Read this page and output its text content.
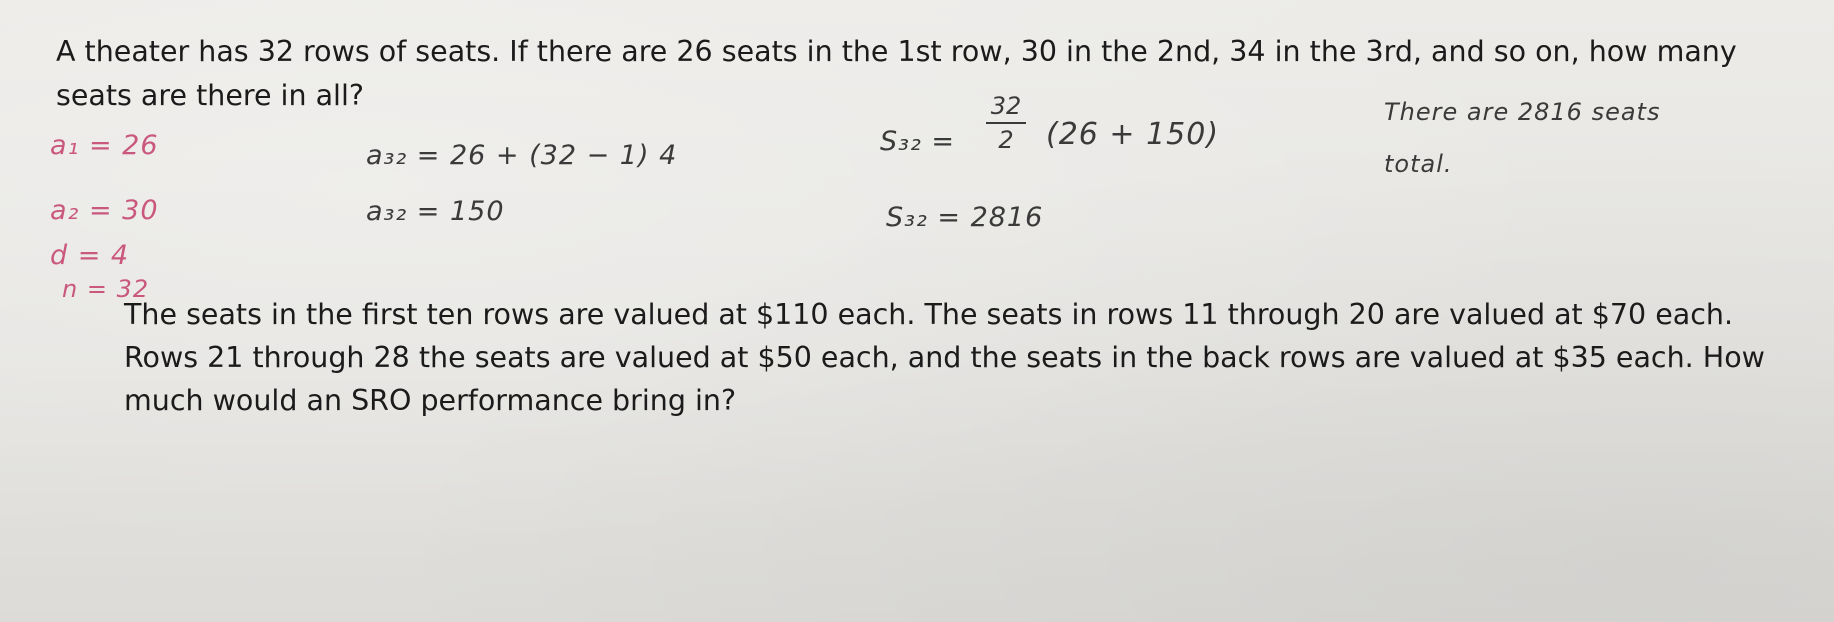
A theater has 32 rows of seats. If there are 26 seats in the 1st row, 30 in the 2nd, 34 in the 3rd, and so on, how many seats are there in all?

a₁ = 26
a₂ = 30
d = 4
n = 32
a₃₂ = 26 + (32 − 1) 4
a₃₂ = 150
$S_{32} = \frac{32}{2} (26 + 150)$
S₃₂ = 2816
There are 2816 seats
total.

The seats in the first ten rows are valued at $110 each. The seats in rows 11 through 20 are valued at $70 each. Rows 21 through 28 the seats are valued at $50 each, and the seats in the back rows are valued at $35 each. How much would an SRO performance bring in?
